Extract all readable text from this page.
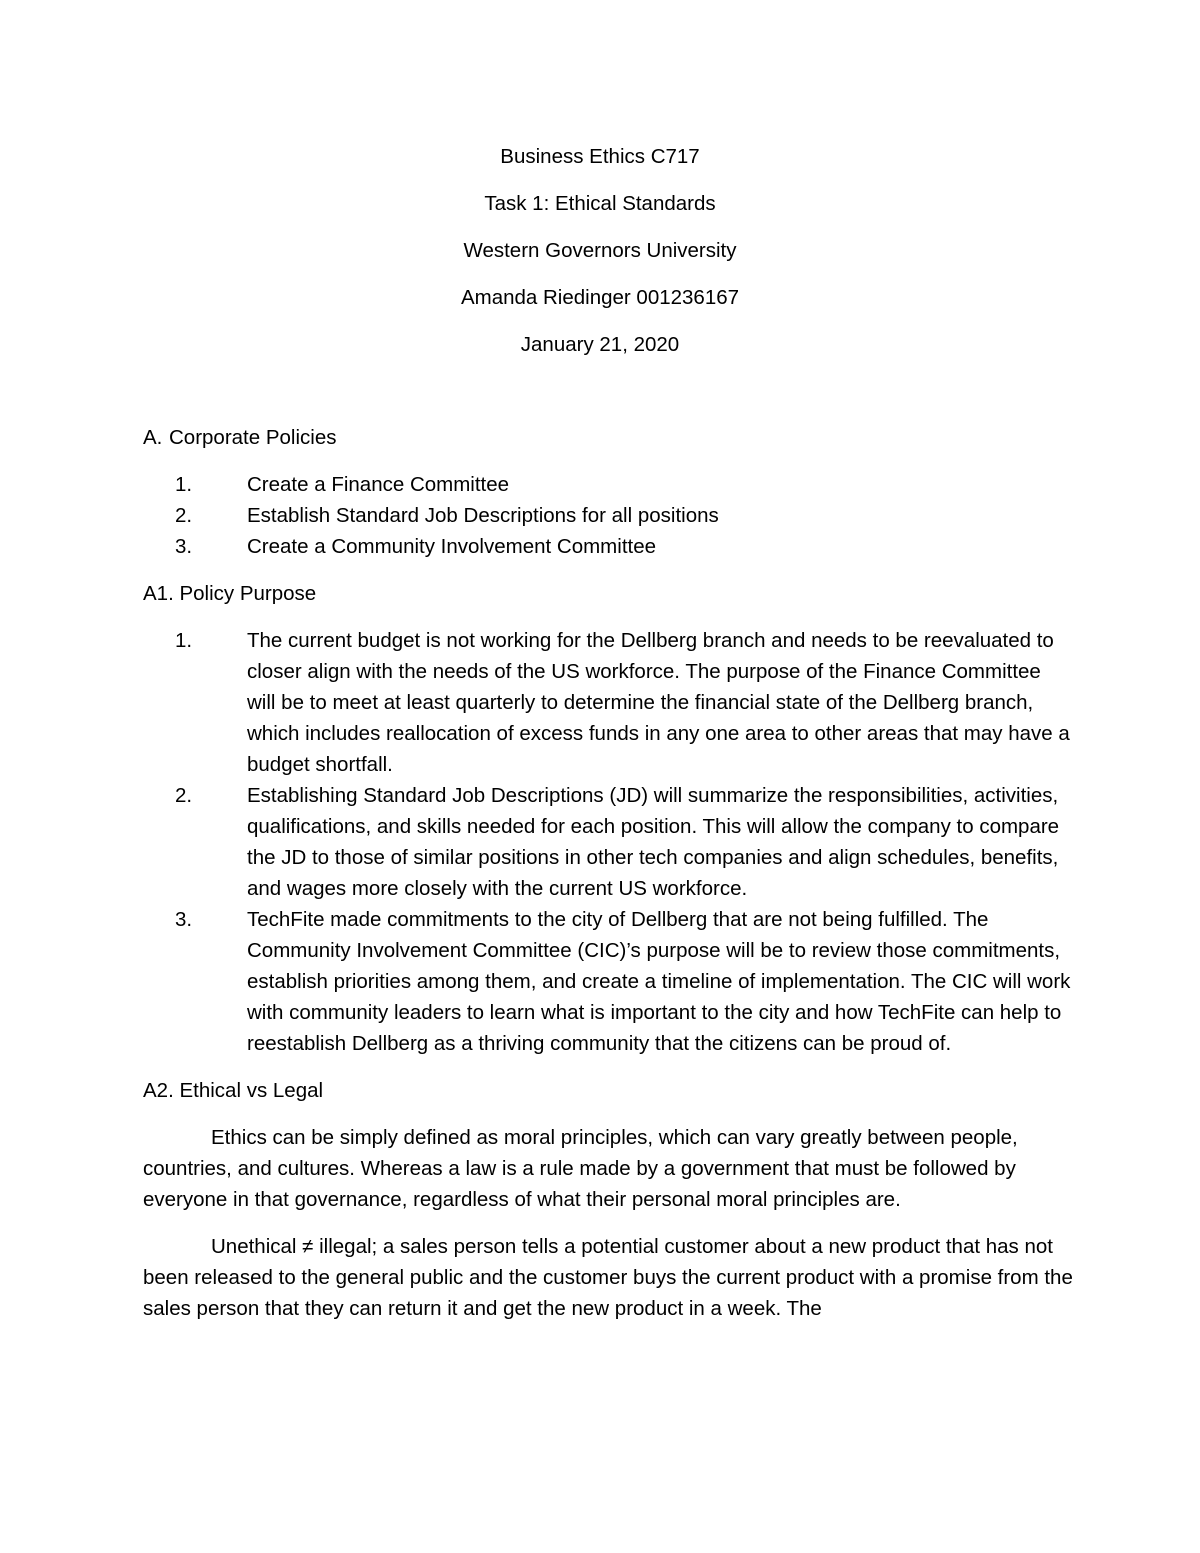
Business Ethics C717
Task 1: Ethical Standards
Western Governors University
Amanda Riedinger 001236167
January 21, 2020
A. Corporate Policies
1.	Create a Finance Committee
2.	Establish Standard Job Descriptions for all positions
3.	Create a Community Involvement Committee
A1. Policy Purpose
1.	The current budget is not working for the Dellberg branch and needs to be reevaluated to closer align with the needs of the US workforce. The purpose of the Finance Committee will be to meet at least quarterly to determine the financial state of the Dellberg branch, which includes reallocation of excess funds in any one area to other areas that may have a budget shortfall.
2.	Establishing Standard Job Descriptions (JD) will summarize the responsibilities, activities, qualifications, and skills needed for each position. This will allow the company to compare the JD to those of similar positions in other tech companies and align schedules, benefits, and wages more closely with the current US workforce.
3.	TechFite made commitments to the city of Dellberg that are not being fulfilled. The Community Involvement Committee (CIC)’s purpose will be to review those commitments, establish priorities among them, and create a timeline of implementation. The CIC will work with community leaders to learn what is important to the city and how TechFite can help to reestablish Dellberg as a thriving community that the citizens can be proud of.
A2. Ethical vs Legal

Ethics can be simply defined as moral principles, which can vary greatly between people, countries, and cultures. Whereas a law is a rule made by a government that must be followed by everyone in that governance, regardless of what their personal moral principles are.

Unethical ≠ illegal; a sales person tells a potential customer about a new product that has not been released to the general public and the customer buys the current product with a promise from the sales person that they can return it and get the new product in a week. The
